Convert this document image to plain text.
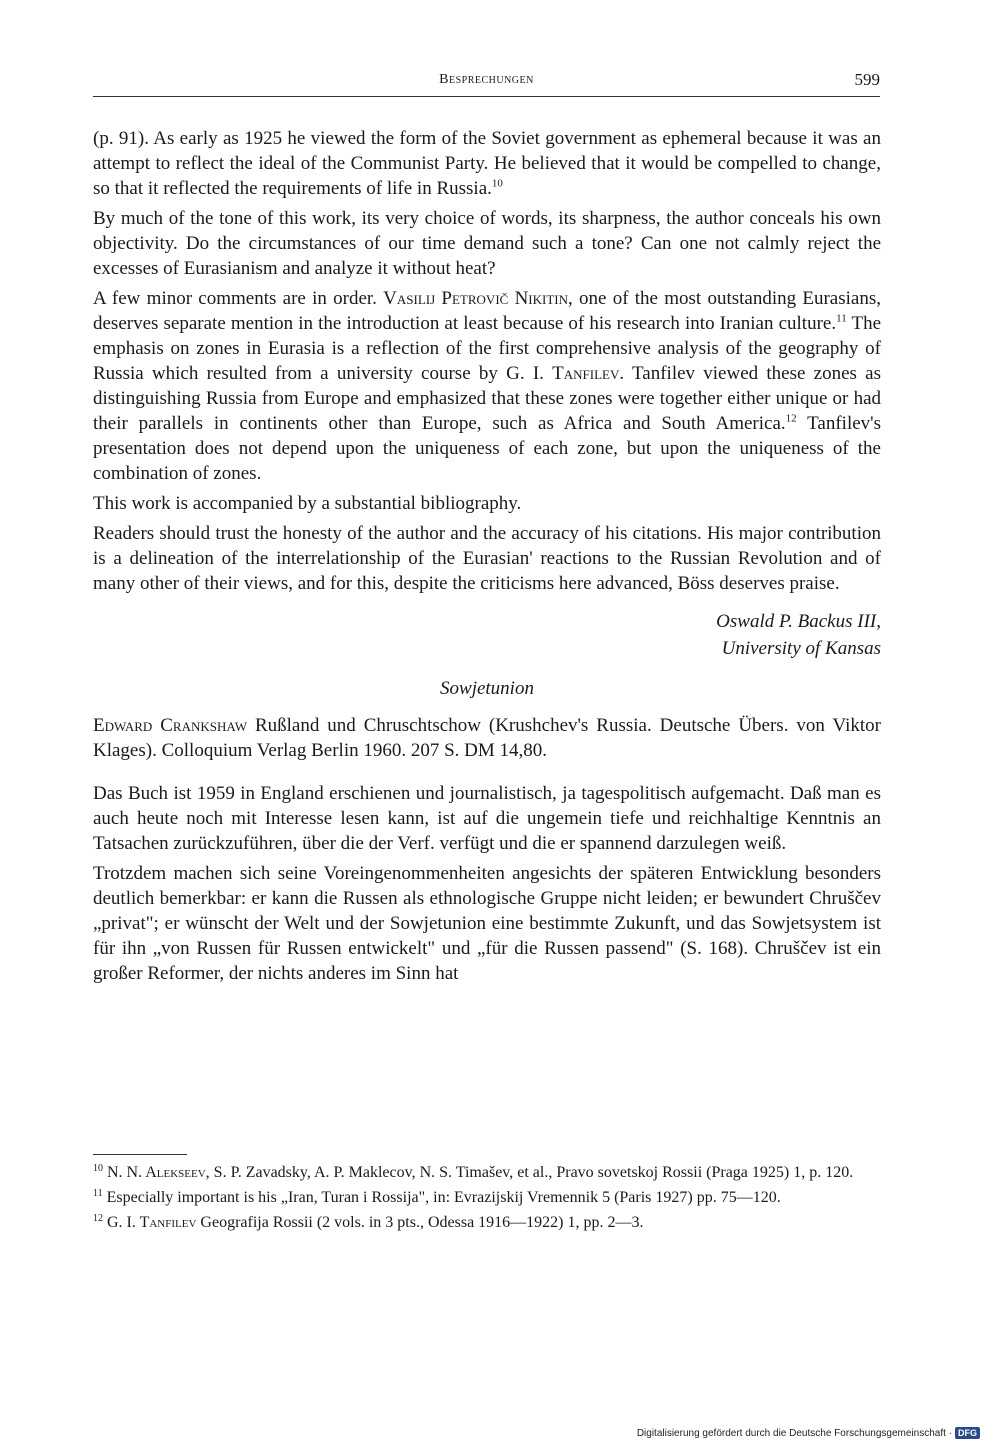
Besprechungen	599

(p. 91). As early as 1925 he viewed the form of the Soviet government as ephemeral because it was an attempt to reflect the ideal of the Communist Party. He believed that it would be compelled to change, so that it reflected the requirements of life in Russia.$^{10}$

By much of the tone of this work, its very choice of words, its sharpness, the author conceals his own objectivity. Do the circumstances of our time demand such a tone? Can one not calmly reject the excesses of Eurasianism and analyze it without heat?

A few minor comments are in order. Vasilij Petrovič Nikitin, one of the most outstanding Eurasians, deserves separate mention in the introduction at least because of his research into Iranian culture.$^{11}$ The emphasis on zones in Eurasia is a reflection of the first comprehensive analysis of the geography of Russia which resulted from a university course by G. I. Tanfilev. Tanfilev viewed these zones as distinguishing Russia from Europe and emphasized that these zones were together either unique or had their parallels in continents other than Europe, such as Africa and South America.$^{12}$ Tanfilev's presentation does not depend upon the uniqueness of each zone, but upon the uniqueness of the combination of zones.

This work is accompanied by a substantial bibliography.

Readers should trust the honesty of the author and the accuracy of his citations. His major contribution is a delineation of the interrelationship of the Eurasian' reactions to the Russian Revolution and of many other of their views, and for this, despite the criticisms here advanced, Böss deserves praise.

Oswald P. Backus III,
University of Kansas
Sowjetunion

Edward Crankshaw Rußland und Chruschtschow (Krushchev's Russia. Deutsche Übers. von Viktor Klages). Colloquium Verlag Berlin 1960. 207 S. DM 14,80.

Das Buch ist 1959 in England erschienen und journalistisch, ja tagespolitisch aufgemacht. Daß man es auch heute noch mit Interesse lesen kann, ist auf die ungemein tiefe und reichhaltige Kenntnis an Tatsachen zurückzuführen, über die der Verf. verfügt und die er spannend darzulegen weiß.

Trotzdem machen sich seine Voreingenommenheiten angesichts der späteren Entwicklung besonders deutlich bemerkbar: er kann die Russen als ethnologische Gruppe nicht leiden; er bewundert Chruščev „privat"; er wünscht der Welt und der Sowjetunion eine bestimmte Zukunft, und das Sowjetsystem ist für ihn „von Russen für Russen entwickelt" und „für die Russen passend" (S. 168). Chruščev ist ein großer Reformer, der nichts anderes im Sinn hat

$^{10}$ N. N. Alekseev, S. P. Zavadsky, A. P. Maklecov, N. S. Timašev, et al., Pravo sovetskoj Rossii (Praga 1925) 1, p. 120.

$^{11}$ Especially important is his „Iran, Turan i Rossija", in: Evrazijskij Vremennik 5 (Paris 1927) pp. 75—120.

$^{12}$ G. I. Tanfilev Geografija Rossii (2 vols. in 3 pts., Odessa 1916—1922) 1, pp. 2—3.

Digitalisierung gefördert durch die Deutsche Forschungsgemeinschaft · DFG
